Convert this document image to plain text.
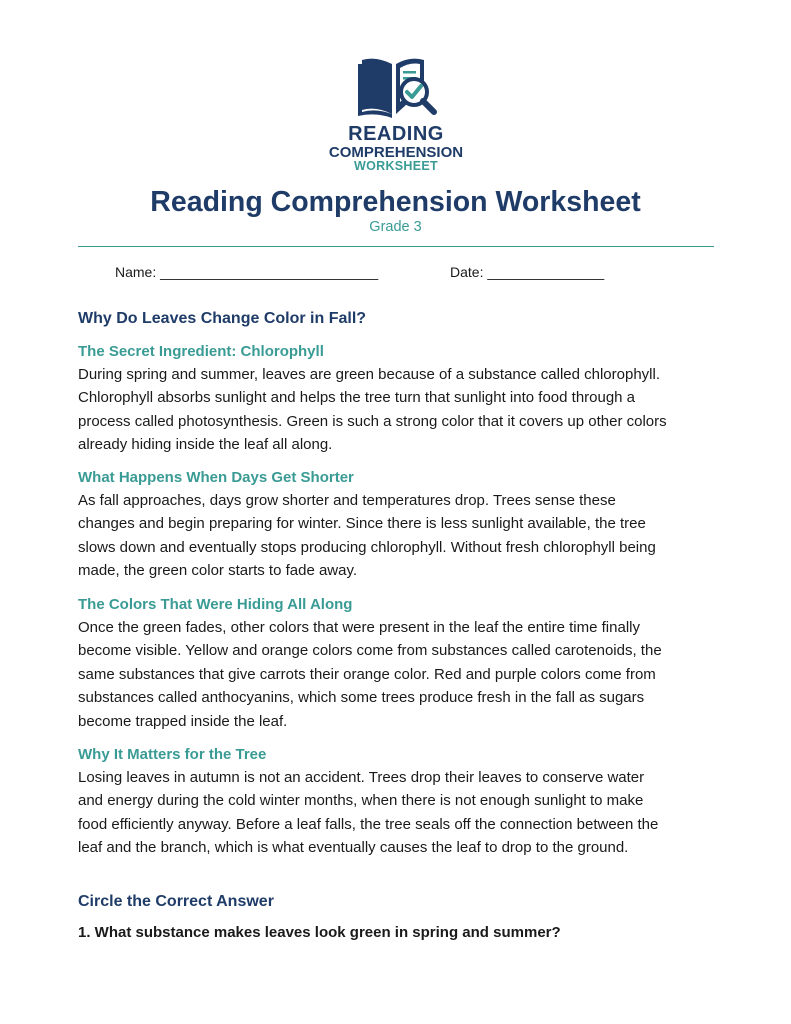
READING
COMPREHENSION
WORKSHEET
Reading Comprehension Worksheet
Grade 3
Name: ____________________________	Date: _______________
Why Do Leaves Change Color in Fall?
The Secret Ingredient: Chlorophyll

During spring and summer, leaves are green because of a substance called chlorophyll.
Chlorophyll absorbs sunlight and helps the tree turn that sunlight into food through a
process called photosynthesis. Green is such a strong color that it covers up other colors
already hiding inside the leaf all along.

What Happens When Days Get Shorter

As fall approaches, days grow shorter and temperatures drop. Trees sense these
changes and begin preparing for winter. Since there is less sunlight available, the tree
slows down and eventually stops producing chlorophyll. Without fresh chlorophyll being
made, the green color starts to fade away.

The Colors That Were Hiding All Along

Once the green fades, other colors that were present in the leaf the entire time finally
become visible. Yellow and orange colors come from substances called carotenoids, the
same substances that give carrots their orange color. Red and purple colors come from
substances called anthocyanins, which some trees produce fresh in the fall as sugars
become trapped inside the leaf.

Why It Matters for the Tree

Losing leaves in autumn is not an accident. Trees drop their leaves to conserve water
and energy during the cold winter months, when there is not enough sunlight to make
food efficiently anyway. Before a leaf falls, the tree seals off the connection between the
leaf and the branch, which is what eventually causes the leaf to drop to the ground.

Circle the Correct Answer
1. What substance makes leaves look green in spring and summer?
